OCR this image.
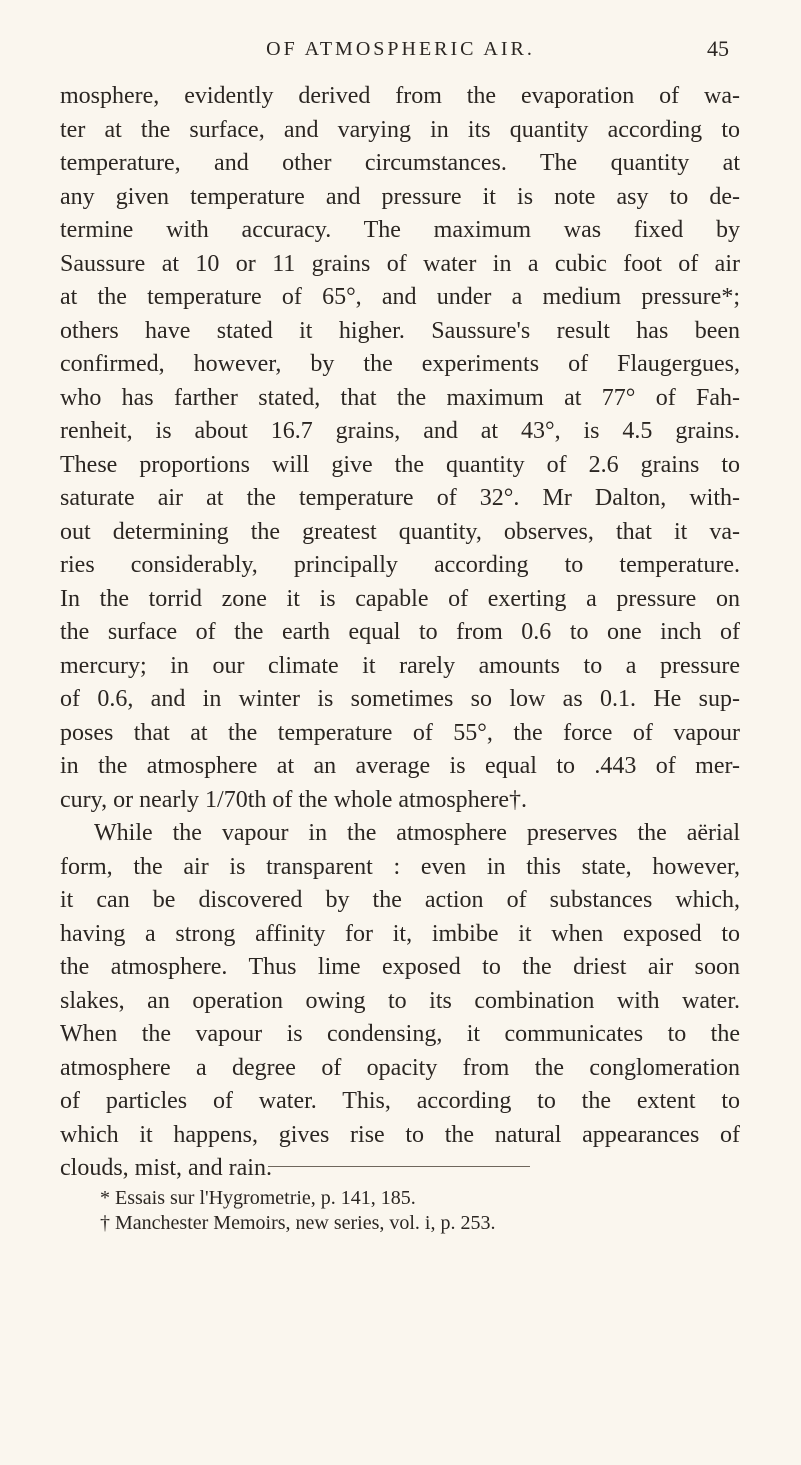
OF ATMOSPHERIC AIR.	45
mosphere, evidently derived from the evaporation of wa-
ter at the surface, and varying in its quantity according to
temperature, and other circumstances. The quantity at
any given temperature and pressure it is note asy to de-
termine with accuracy. The maximum was fixed by
Saussure at 10 or 11 grains of water in a cubic foot of air
at the temperature of 65°, and under a medium pressure*;
others have stated it higher. Saussure's result has been
confirmed, however, by the experiments of Flaugergues,
who has farther stated, that the maximum at 77° of Fah-
renheit, is about 16.7 grains, and at 43°, is 4.5 grains.
These proportions will give the quantity of 2.6 grains to
saturate air at the temperature of 32°. Mr Dalton, with-
out determining the greatest quantity, observes, that it va-
ries considerably, principally according to temperature.
In the torrid zone it is capable of exerting a pressure on
the surface of the earth equal to from 0.6 to one inch of
mercury; in our climate it rarely amounts to a pressure
of 0.6, and in winter is sometimes so low as 0.1. He sup-
poses that at the temperature of 55°, the force of vapour
in the atmosphere at an average is equal to .443 of mer-
cury, or nearly 1/70th of the whole atmosphere†.
While the vapour in the atmosphere preserves the aërial
form, the air is transparent : even in this state, however,
it can be discovered by the action of substances which,
having a strong affinity for it, imbibe it when exposed to
the atmosphere. Thus lime exposed to the driest air soon
slakes, an operation owing to its combination with water.
When the vapour is condensing, it communicates to the
atmosphere a degree of opacity from the conglomeration
of particles of water. This, according to the extent to
which it happens, gives rise to the natural appearances of
clouds, mist, and rain.
* Essais sur l'Hygrometrie, p. 141, 185.
† Manchester Memoirs, new series, vol. i, p. 253.
